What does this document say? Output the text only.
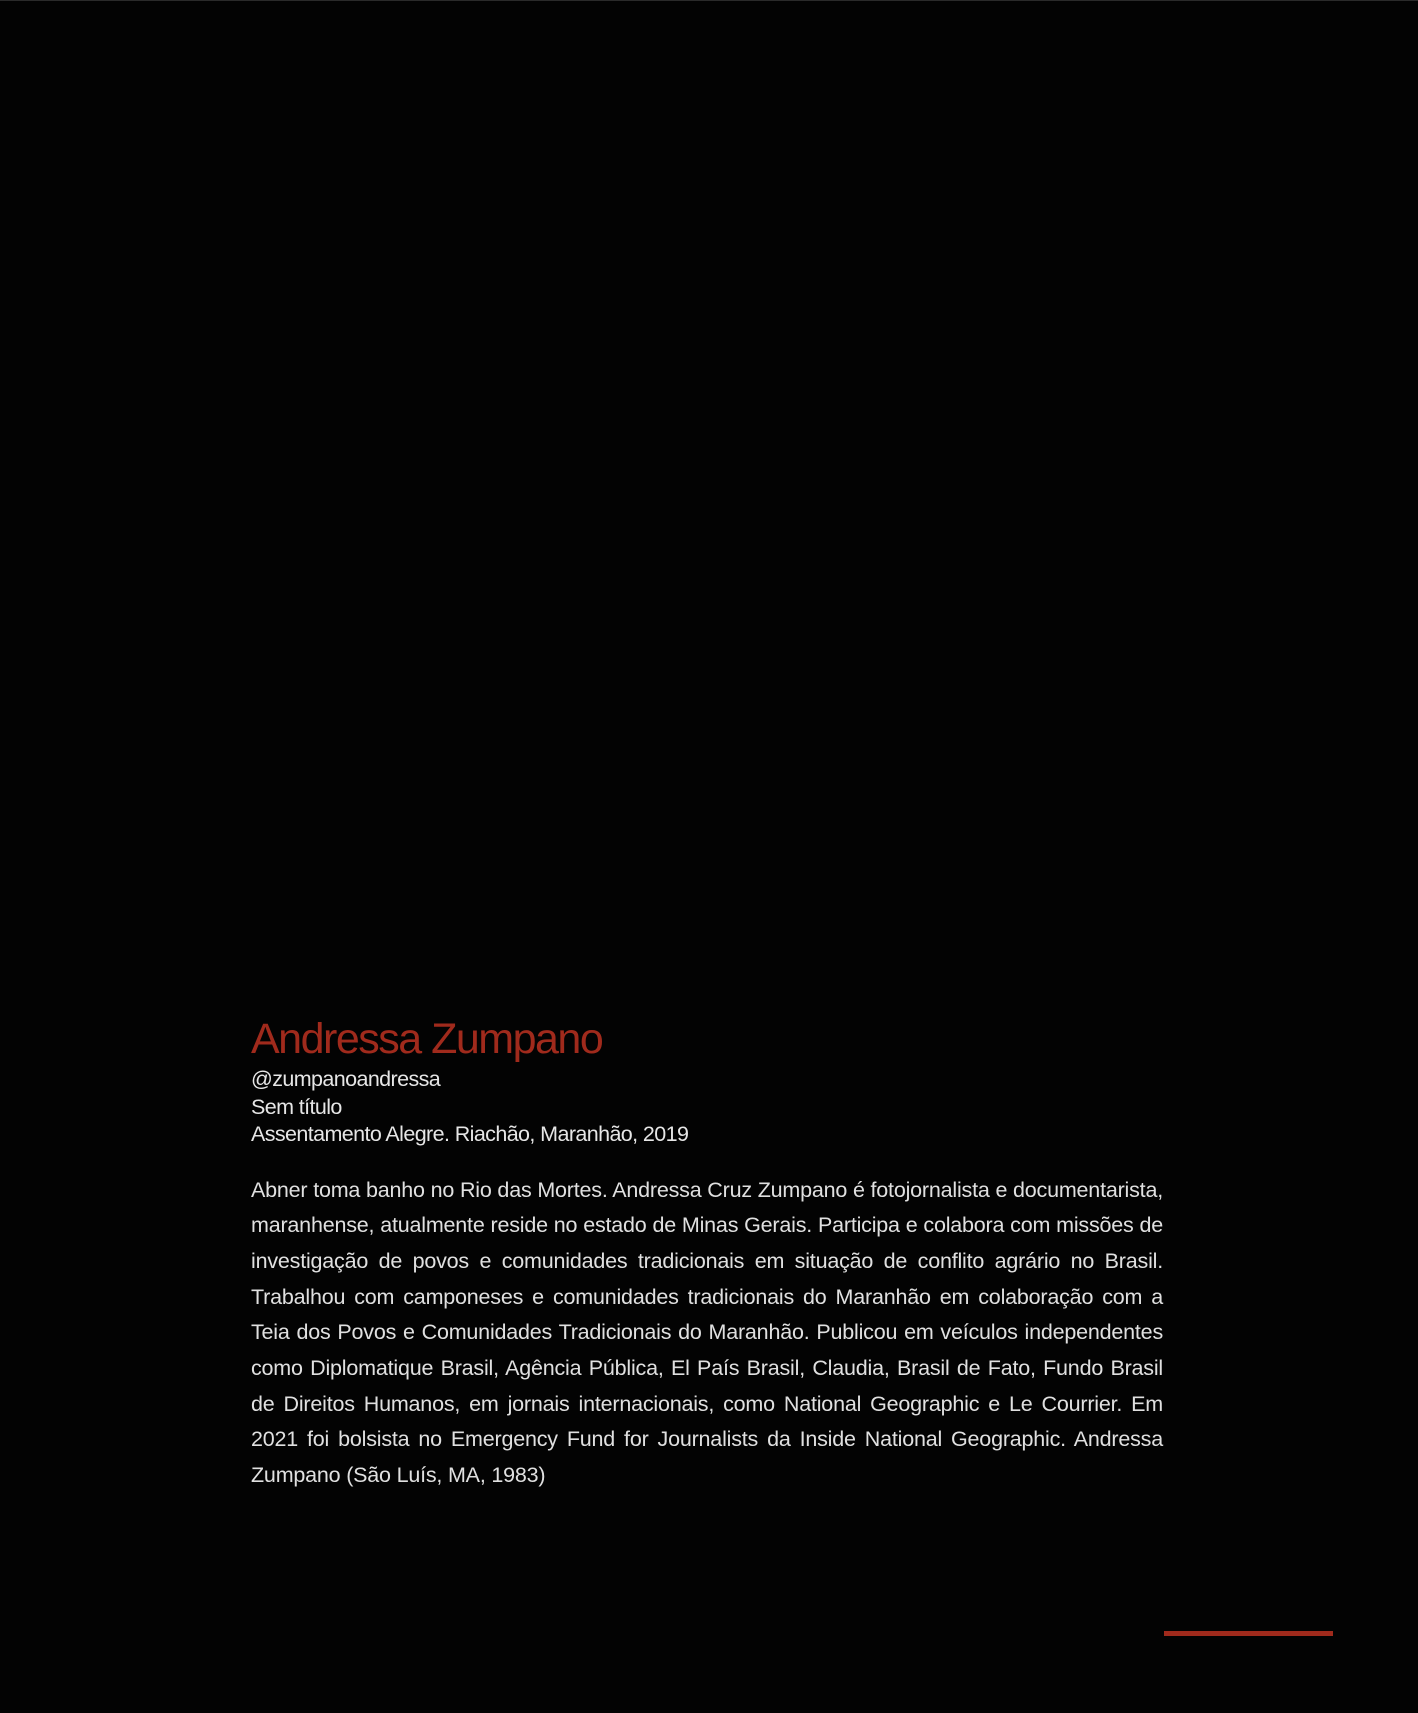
Andressa Zumpano

@zumpanoandressa

Sem título

Assentamento Alegre. Riachão, Maranhão, 2019

Abner toma banho no Rio das Mortes. Andressa Cruz Zumpano é fotojornalista e documentarista, maranhense, atualmente reside no estado de Minas Gerais. Participa e colabora com missões de investigação de povos e comunidades tradicionais em situação de conflito agrário no Brasil. Trabalhou com camponeses e comunidades tradicionais do Maranhão em colaboração com a Teia dos Povos e Comunidades Tradicionais do Maranhão. Publicou em veículos independentes como Diplomatique Brasil, Agência Pública, El País Brasil, Claudia, Brasil de Fato, Fundo Brasil de Direitos Humanos, em jornais internacionais, como National Geographic e Le Courrier. Em 2021 foi bolsista no Emergency Fund for Journalists da Inside National Geographic. Andressa Zumpano (São Luís, MA, 1983)
